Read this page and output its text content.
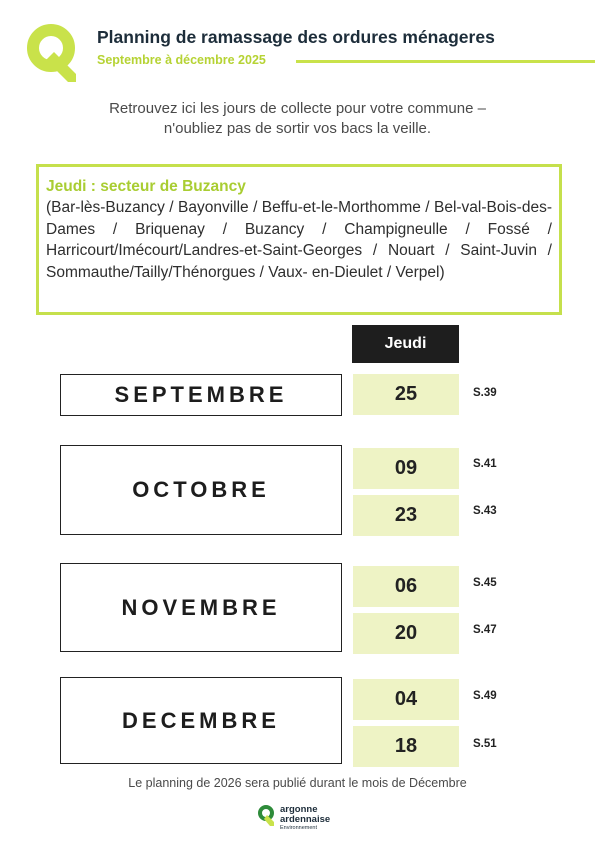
Planning de ramassage des ordures ménageres
Septembre à décembre 2025
Retrouvez ici les jours de collecte pour votre commune –
n'oubliez pas de sortir vos bacs la veille.
Jeudi : secteur de Buzancy
(Bar-lès-Buzancy / Bayonville / Beffu-et-le-Morthomme / Bel-val-Bois-des-Dames / Briquenay / Buzancy / Champigneulle / Fossé / Harricourt/Imécourt/Landres-et-Saint-Georges / Nouart / Saint-Juvin / Sommauthe/Tailly/Thénorgues / Vaux- en-Dieulet / Verpel)
Jeudi
SEPTEMBRE	25	S.39
OCTOBRE
09	S.41
23	S.43
NOVEMBRE
06	S.45
20	S.47
DECEMBRE
04	S.49
18	S.51
Le planning de 2026 sera publié durant le mois de Décembre
argonne
ardennaise
Environnement
